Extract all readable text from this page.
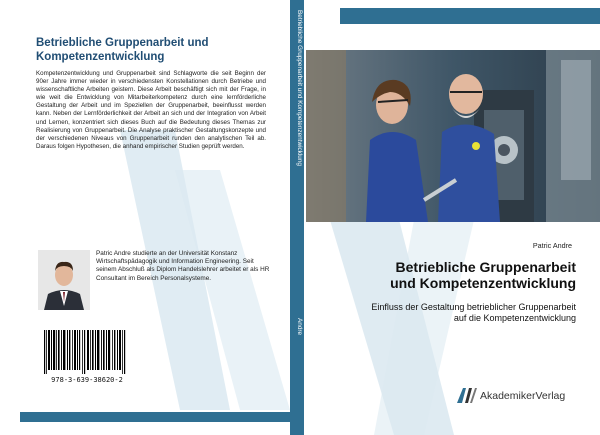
Betriebliche Gruppenarbeit und Kompetenzentwicklung
Kompetenzentwicklung und Gruppenarbeit sind Schlagworte die seit Beginn der 90er Jahre immer wieder in verschiedensten Konstellationen durch Betriebe und wissenschaftliche Arbeiten geistern. Diese Arbeit beschäftigt sich mit der Frage, in wie weit die Entwicklung von Mitarbeiterkompetenz durch eine lernförderliche Gestaltung der Arbeit und im Speziellen der Gruppenarbeit, beeinflusst werden kann. Neben der Lernförderlichkeit der Arbeit an sich und der Integration von Arbeit und Lernen, konzentriert sich dieses Buch auf die Bedeutung dieses Themas zur Realisierung von Gruppenarbeit. Die Analyse praktischer Gestaltungskonzepte und der verschiedenen Niveaus von Gruppenarbeit runden den analytischen Teil ab. Daraus folgen Hypothesen, die anhand empirischer Studien geprüft werden.
Patric Andre studierte an der Universität Konstanz Wirtschaftspädagogik und Information Engineering. Seit seinem Abschluß als Diplom Handelslehrer arbeitet er als HR Consultant im Bereich Personalsysteme.
978-3-639-38620-2
Betriebliche Gruppenarbeit und Kompetenzentwicklung
Andre
Patric Andre
Betriebliche Gruppenarbeit
und Kompetenzentwicklung
Einfluss der Gestaltung betrieblicher Gruppenarbeit
auf die Kompetenzentwicklung
AkademikerVerlag
